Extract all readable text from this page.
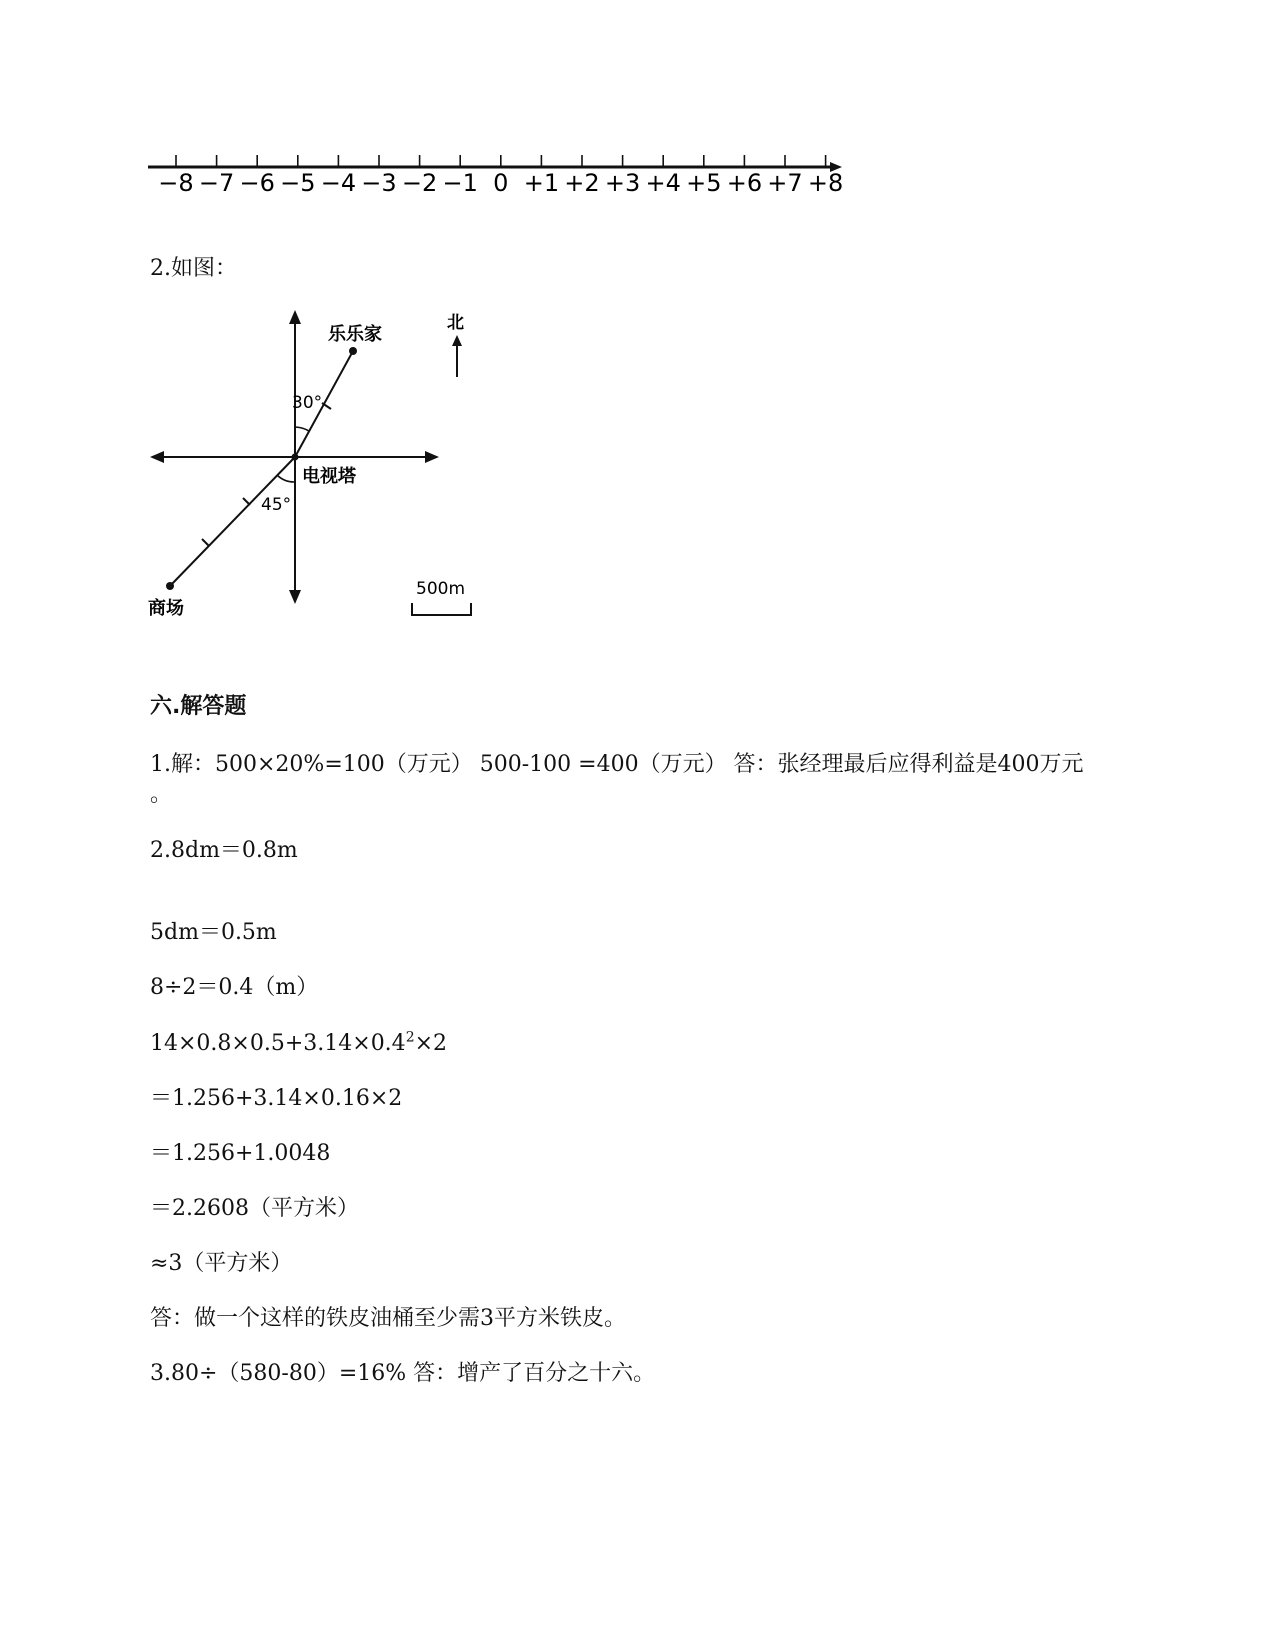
−8 −7 −6 −5 −4 −3 −2 −1 0 +1 +2 +3 +4 +5 +6 +7 +8
2.如图：
30°
45°
乐乐家
电视塔
商场
北
500m
六.解答题
1.解：500×20%=100（万元） 500-100 =400（万元） 答：张经理最后应得利益是400万元
。
2.8dm＝0.8m
5dm＝0.5m
8÷2＝0.4（m）
$14\times 0.8\times 0.5+3.14\times 0.4^2\times 2$
＝1.256+3.14×0.16×2
＝1.256+1.0048
＝2.2608（平方米）
≈3（平方米）
答：做一个这样的铁皮油桶至少需3平方米铁皮。
3.80÷（580-80）=16% 答：增产了百分之十六。
